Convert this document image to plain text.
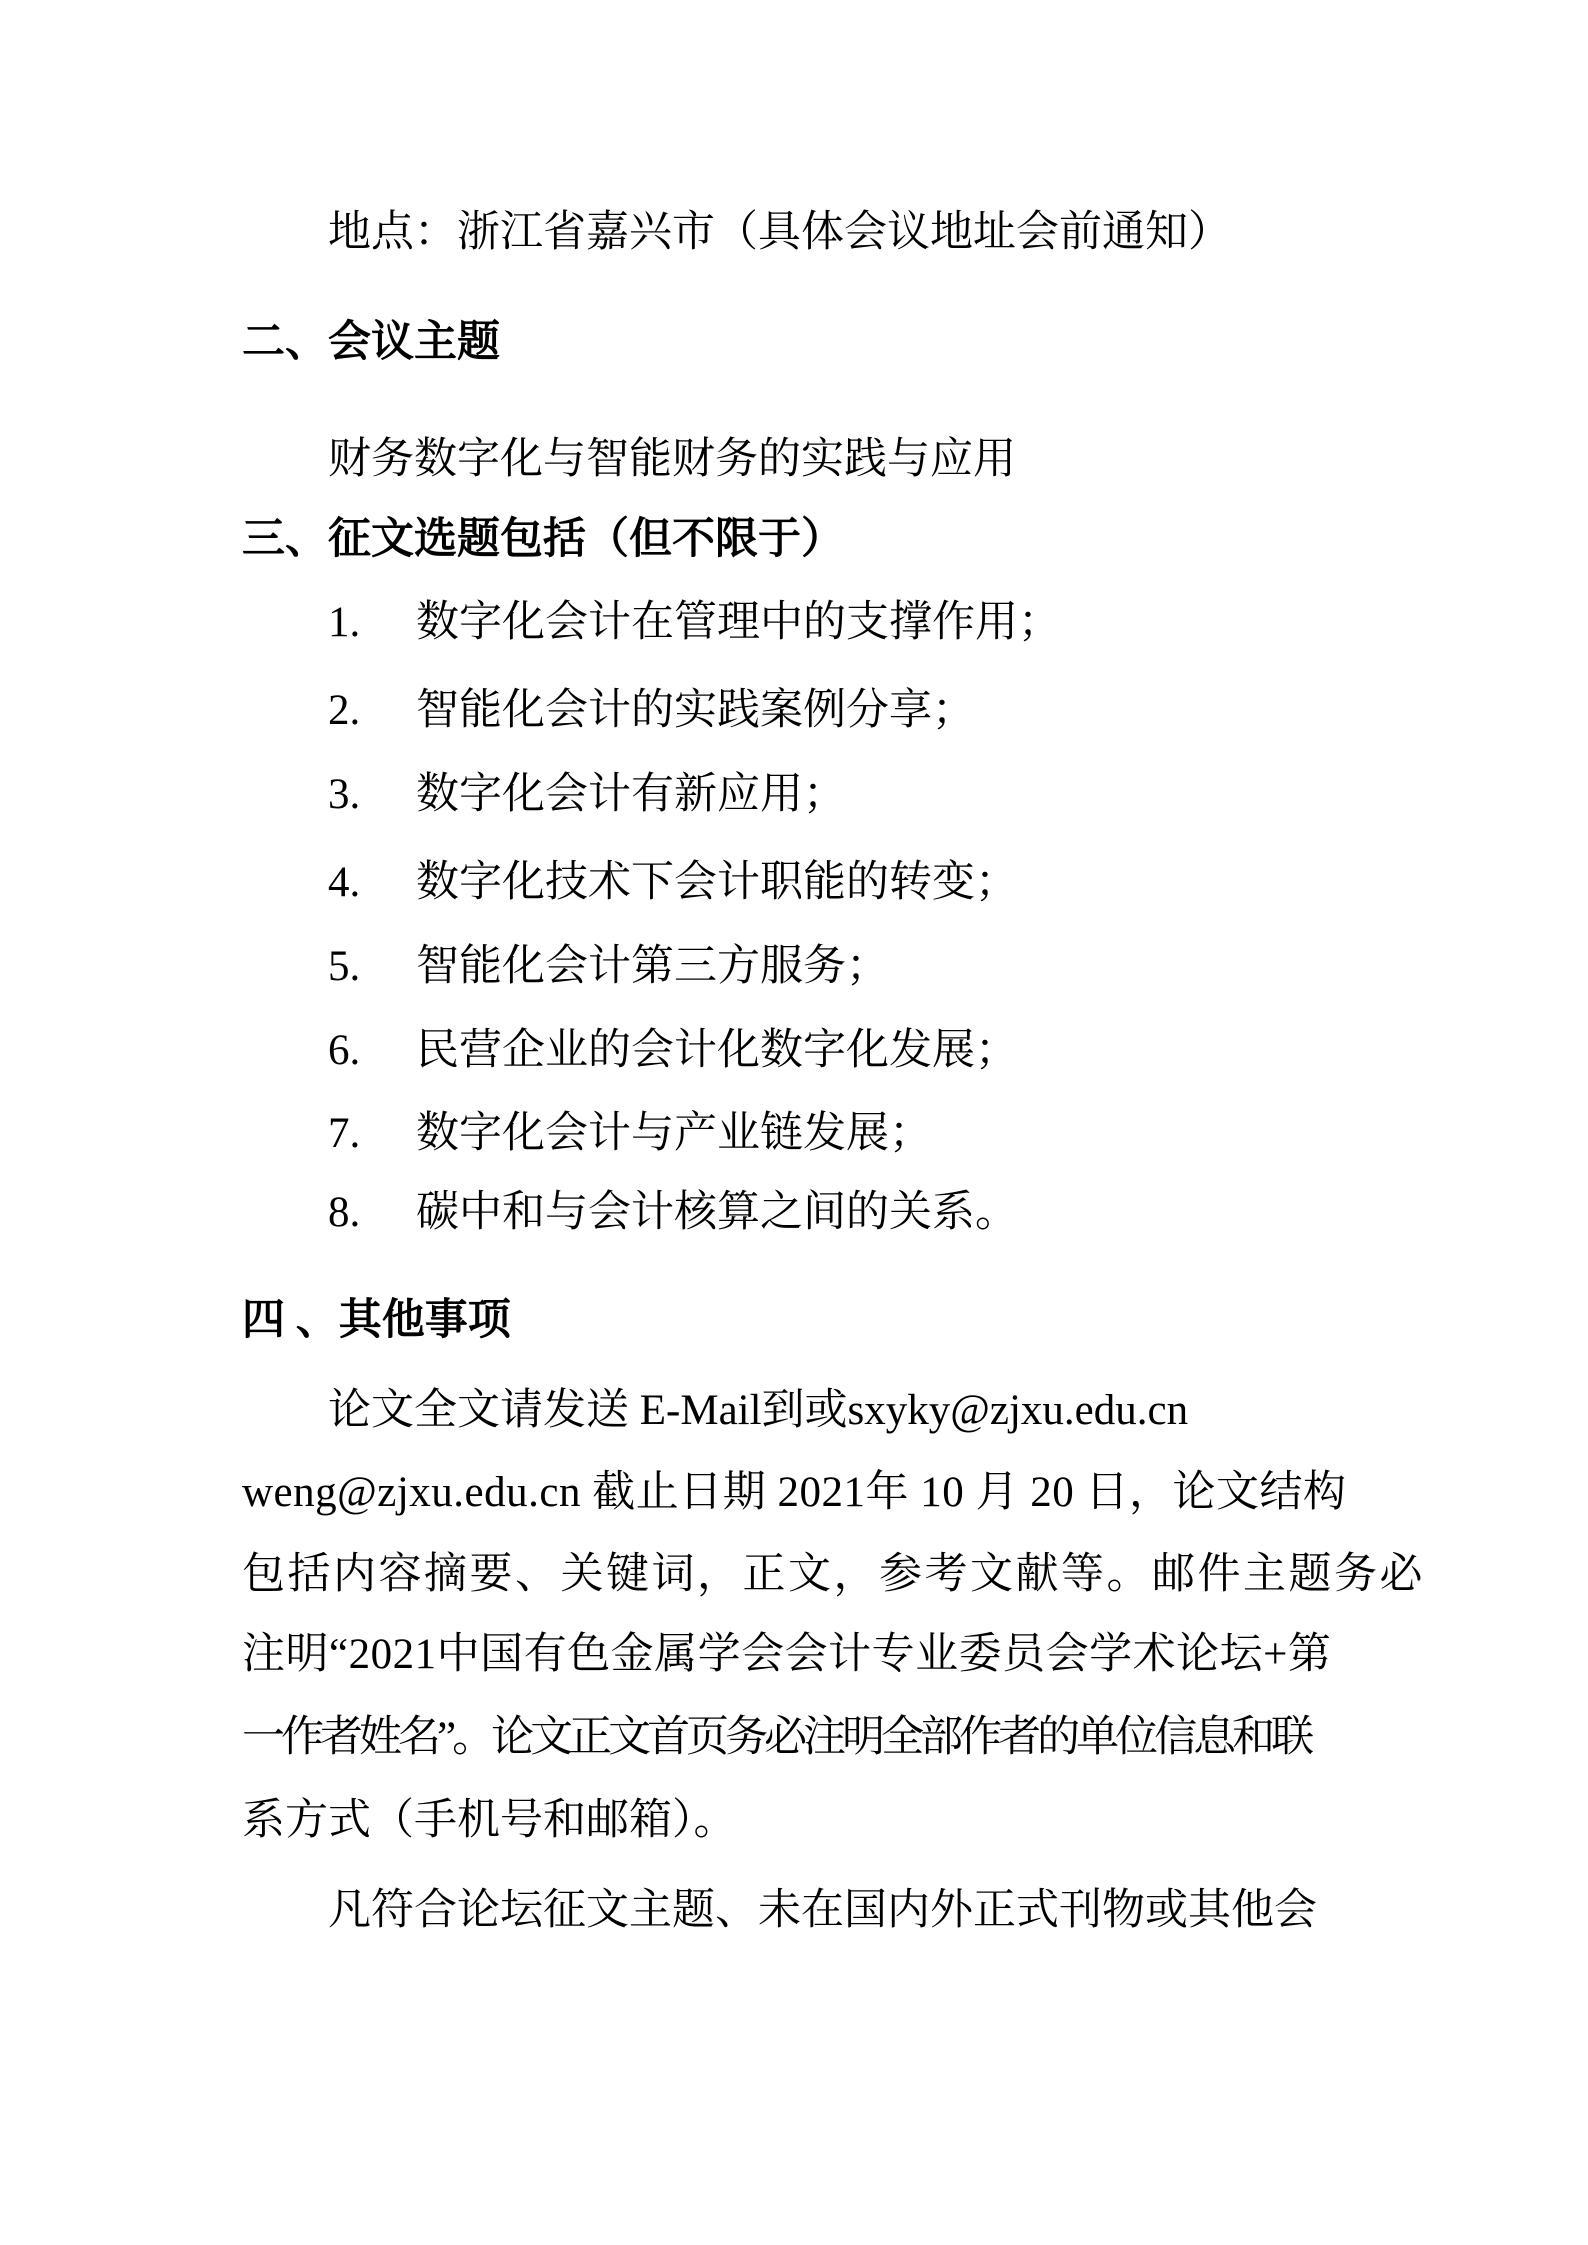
地点：浙江省嘉兴市（具体会议地址会前通知）
二、会议主题
财务数字化与智能财务的实践与应用
三、征文选题包括（但不限于）
1. 数字化会计在管理中的支撑作用；
2. 智能化会计的实践案例分享；
3. 数字化会计有新应用；
4. 数字化技术下会计职能的转变；
5. 智能化会计第三方服务；
6. 民营企业的会计化数字化发展；
7. 数字化会计与产业链发展；
8. 碳中和与会计核算之间的关系。
四 、其他事项
论文全文请发送 E-Mail到或sxyky@zjxu.edu.cn
weng@zjxu.edu.cn 截止日期 2021年 10 月 20 日，论文结构
包括内容摘要、关键词，正文，参考文献等。邮件主题务必
注明“2021中国有色金属学会会计专业委员会学术论坛+第
一作者姓名”。论文正文首页务必注明全部作者的单位信息和联
系方式（手机号和邮箱）。
凡符合论坛征文主题、未在国内外正式刊物或其他会
